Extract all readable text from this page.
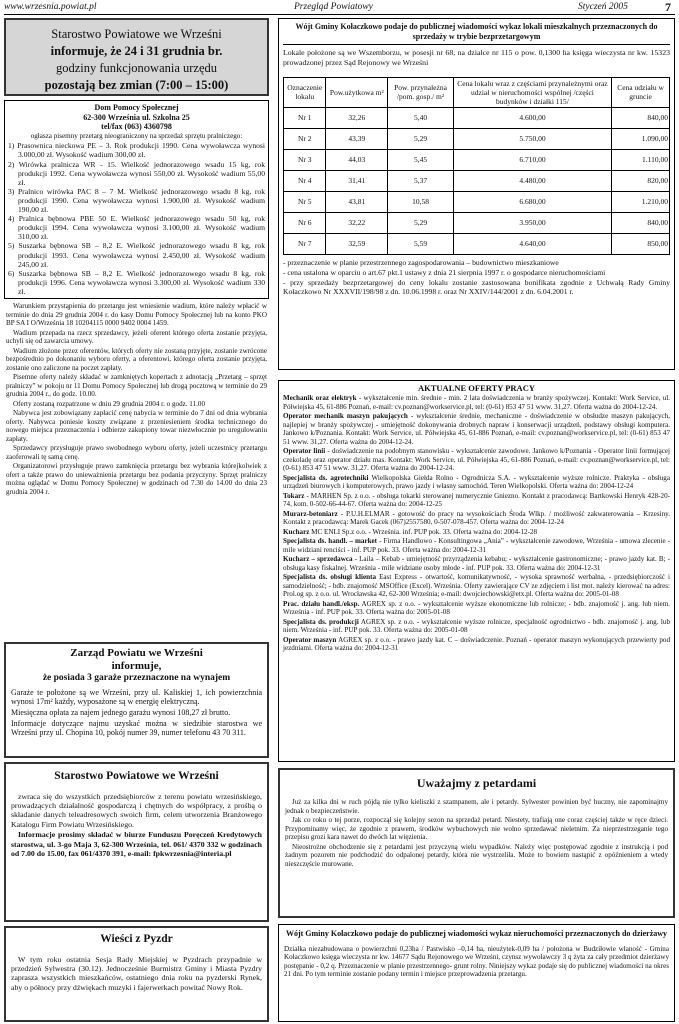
www.wrzesnia.powiat.pl	Przegląd Powiatowy	Styczeń 2005	7
Starostwo Powiatowe we Wrześni
informuje, że 24 i 31 grudnia br.
godziny funkcjonowania urzędu
pozostają bez zmian (7:00 – 15:00)
Dom Pomocy Społecznej
62-300 Września ul. Szkolna 25
tel/fax (063) 4360798

ogłasza pisemny przetarg nieograniczony na sprzedaż sprzętu pralniczego:

1) Prasownica nieckowa PE – 3. Rok produkcji 1990. Cena wywoławcza wynosi 3.000,00 zł. Wysokość wadium 300,00 zł.
2) Wirówka pralnicza WR - 15. Wielkość jednorazowego wsadu 15 kg, rok produkcji 1992. Cena wywoławcza wynosi 550,00 zł. Wysokość wadium 55,00 zł.
3) Pralnico wirówka PAC 8 – 7 M. Wielkość jednorazowego wsadu 8 kg, rok produkcji 1990. Cena wywoławcza wynosi 1.900,00 zł. Wysokość wadium 190,00 zł.
4) Pralnica bębnowa PBE 50 E. Wielkość jednorazowego wsadu 50 kg, rok produkcji 1994. Cena wywoławcza wynosi 3.100,00 zł. Wysokość wadium 310,00 zł.
5) Suszarka bębnowa SB – 8,2 E. Wielkość jednorazowego wsadu 8 kg, rok produkcji 1993. Cena wywoławcza wynosi 2.450,00 zł. Wysokość wadium 245,00 zł.
6) Suszarka bębnowa SB – 8,2 E. Wielkość jednorazowego wsadu 8 kg, rok produkcji 1996. Cena wywoławcza wynosi 3.300,00 zł. Wysokość wadium 330 zł.

Warunkiem przystąpienia do przetargu jest wniesienie wadium, które należy wpłacić w terminie do dnia 29 grudnia 2004 r. do kasy Domu Pomocy Społecznej lub na konto PKO BP SA I O/Września 18 10204115 0000 9402 0004 1459.

Wadium przepada na rzecz sprzedawcy, jeżeli oferent którego oferta zostanie przyjęta, uchyli się od zawarcia umowy.

Wadium złożone przez oferentów, których oferty nie zostaną przyjęte, zostanie zwrócone bezpośrednio po dokonaniu wyboru oferty, a oferentowi, którego oferta zostanie przyjęta, zostanie ono zaliczone na poczet zapłaty.

Pisemne oferty należy składać w zamkniętych kopertach z adnotacją „Przetarg – sprzęt pralniczy” w pokoju nr 11 Domu Pomocy Społecznej lub drogą pocztową w terminie do 29 grudnia 2004 r., do godz. 10.00.

Oferty zostaną rozpatrzone w dniu 29 grudnia 2004 r. o godz. 11.00

Nabywca jest zobowiązany zapłacić cenę nabycia w terminie do 7 dni od dnia wybrania oferty. Nabywca poniesie koszty związane z przeniesieniem środka technicznego do nowego miejsca przeznaczenia i odbierze zakupiony towar niezwłocznie po uregulowaniu zapłaty.

Sprzedawcy przysługuje prawo swobodnego wyboru oferty, jeżeli uczestnicy przetargu zaoferowali tę samą cenę.

Organizatorowi przysługuje prawo zamknięcia przetargu bez wybrania którejkolwiek z ofert a także prawo do unieważnienia przetargu bez podania przyczyny. Sprzęt pralniczy można oglądać w Domu Pomocy Społecznej w godzinach od 7.30 do 14.00 do dnia 23 grudnia 2004 r.

Zarząd Powiatu we Wrześni
informuje,
że posiada 3 garaże przeznaczone na wynajem

Garaże te położone są we Wrześni, przy ul. Kaliskiej 1, ich powierzchnia wynosi 17m² każdy, wyposażone są w energię elektryczną.

Miesięczna opłata za najem jednego garażu wynosi 108,27 zł brutto.

Informacje dotyczące najmu uzyskać można w siedzibie starostwa we Wrześni przy ul. Chopina 10, pokój numer 39, numer telefonu 43 70 311.

Starostwo Powiatowe we Wrześni

zwraca się do wszystkich przedsiębiorców z terenu powiatu wrzesińskiego, prowadzących działalność gospodarczą i chętnych do współpracy, z prośbą o składanie danych teleadresowych swoich firm, celem utworzenia Branżowego Katalogu Firm Powiatu Wrzesińskiego.

Informacje prosimy składać w biurze Funduszu Poręczeń Kredytowych starostwa, ul. 3-go Maja 3, 62-300 Września, tel. 061/ 4370 332 w godzinach od 7.00 do 15.00, fax 061/4370 391, e-mail: fpkwrzesnia@interia.pl

Wieści z Pyzdr

W tym roku ostatnia Sesja Rady Miejskiej w Pyzdrach przypadnie w przedzień Sylwestra (30.12). Jednocześnie Burmistrz Gminy i Miasta Pyzdry zaprasza wszystkich mieszkańców, ostatniego dnia roku na pyzderski Rynek, aby o północy przy dźwiękach muzyki i fajerwerkach powitać Nowy Rok.

Wójt Gminy Kołaczkowo podaje do publicznej wiadomości wykaz lokali mieszkalnych przeznaczonych do sprzedaży w trybie bezprzetargowym

Lokale położone są we Wszemborzu, w posesji nr 68, na działce nr 115 o pow. 0,1300 ha księga wieczysta nr kw. 15323 prowadzonej przez Sąd Rejonowy we Wrześni

Oznaczenie lokalu	Pow.użytkowa m²	Pow. przynależna /pom. gosp./ m²	Cena lokalu wraz z częściami przynależnymi oraz udział w nieruchomości wspólnej /części budynków i działki 115/	Cena udziału w gruncie
Nr 1	32,26	5,40	4.600,00	840,00
Nr 2	43,39	5,29	5.750,00	1.090,00
Nr 3	44,03	5,45	6.710,00	1.110,00
Nr 4	31,41	5,37	4.480,00	820,00
Nr 5	43,81	10,58	6.680,00	1.210,00
Nr 6	32,22	5,29	3.950,00	840,00
Nr 7	32,59	5,59	4.640,00	850,00

- przeznaczenie w planie przestrzennego zagospodarowania – budownictwo mieszkaniowe

- cena ustalona w oparciu o art.67 pkt.1 ustawy z dnia 21 sierpnia 1997 r. o gospodarce nieruchomościami

- przy sprzedaży bezprzetargowej do ceny lokalu zostanie zastosowana bonifikata zgodnie z Uchwałą Rady Gminy Kołaczkowo Nr XXXVII/198/98 z dn. 10.06.1998 r. oraz Nr XXIV/144/2001 z dn. 6.04.2001 r.

AKTUALNE OFERTY PRACY

Mechanik oraz elektryk - wykształcenie min. średnie - min. 2 lata doświadczenia w branży spożywczej. Kontakt: Work Service, ul. Półwiejska 45, 61-886 Poznań, e-mail: cv.poznan@workservice.pl, tel: (0-61) 853 47 51 www. 31,27. Oferta ważna do 2004-12-24.

Operator mechanik maszyn pakujących - wykształcenie średnie, mechaniczne - doświadczenie w obsłudze maszyn pakujących, najlepiej w branży spożywczej - umiejętność dokonywania drobnych napraw i konserwacji urządzeń, podstawy obsługi komputera. Jankowo k/Poznania. Kontakt: Work Service, ul. Półwiejska 45, 61-886 Poznań, e-mail: cv.poznan@workservice.pl, tel: (0-61) 853 47 51 www. 31,27. Oferta ważna do 2004-12-24.

Operator linii - doświadczenie na podobnym stanowisku - wykształcenie zawodowe. Jankowo k/Poznania - Operator linii formującej czekoladę oraz operator działu mas. Kontakt: Work Service, ul. Półwiejska 45, 61-886 Poznań, e-mail: cv.poznan@workservice.pl, tel: (0-61) 853 47 51 www. 31,27. Oferta ważna do 2004-12-24.

Specjalista ds. agrotechniki Wielkopolska Giełda Rolno - Ogrodnicza S.A. - wykształcenie wyższe rolnicze. Praktyka - obsługa urządzeń biurowych i komputerowych, prawo jazdy i własny samochód. Teren Wielkopolski. Oferta ważna do: 2004-12-24

Tokarz - MARHEN Sp. z o.o. - obsługa tokarki sterowanej numerycznie Gniezno. Kontakt z pracodawcą: Bartkowski Henryk 428-20-74, kom. 0-502-66-44-67. Oferta ważna do: 2004-12-25

Murarz-betoniarz - P.U.H.ELMAR - gotowość do pracy na wysokościach Środa Wlkp. / możliwość zakwaterowania – Krzesiny. Kontakt z pracodawcą: Marek Gacek (067)2557580, 0-507-078-457. Oferta ważna do: 2004-12-24

Kucharz MC ENLI Sp.z o.o. - Września. inf. PUP pok. 33. Oferta ważna do: 2004-12-28

Specjalista ds. handl. – market - Firma Handlowo - Konsultingowa „Ania” - wykształcenie zawodowe, Września - umowa zlecenie - mile widziani renciści - inf. PUP pok. 33. Oferta ważna do: 2004-12-31

Kucharz – sprzedawca - Laila – Kebab - umiejętność przyrządzenia kebabu; - wykształcenie gastronomiczne; - prawo jazdy kat. B; - obsługa kasy fiskalnej. Września - mile widziane osoby młode - inf. PUP pok. 33. Oferta ważna do: 2004-12-31

Specjalista ds. obsługi klienta East Express - otwartość, komunikatywność, - wysoka sprawność werbalna, - przedsiębiorczość i samodzielność; - bdb. znajomość MSOffice (Excel). Września. Oferty zawierające CV ze zdjęciem i list mot. należy kierować na adres: Prol.og sp. z o.o. ul. Wrocławska 42, 62-300 Września; e-mail: dwojciechowski@etx.pl. Oferta ważna do: 2005-01-08

Prac. działu handl./eksp. AGREX sp. z o.o. - wykształcenie wyższe ekonomiczne lub rolnicze; - bdb. znajomość j. ang. lub niem. Września - inf. PUP pok. 33. Oferta ważna do: 2005-01-08

Specjalista ds. produkcji AGREX sp. z o.o. - wykształcenie wyższe rolnicze, specjalność ogrodnictwo - bdb. znajomość j. ang. lub niem. Września - inf. PUP pok. 33. Oferta ważna do: 2005-01-08

Operator maszyn AGREX sp. z o.o. - prawo jazdy kat. C – doświadczenie. Poznań - operator maszyn wykonujących przewierty pod jezdniami. Oferta ważna do: 2004-12-31

Uważajmy z petardami

Już za kilka dni w ruch pójdą nie tylko kieliszki z szampanem, ale i petardy. Sylwester powinien być huczny, nie zapominajmy jednak o bezpieczeństwie.

Jak co roku o tej porze, rozpoczął się kolejny sezon na sprzedaż petard. Niestety, trafiają one coraz częściej także w ręce dzieci. Przypominamy więc, że zgodnie z prawem, środków wybuchowych nie wolno sprzedawać nieletnim. Za nieprzestrzeganie tego przepisu grozi kara nawet do dwóch lat więzienia.

Nieostrożne obchodzenie się z petardami jest przyczyną wielu wypadków. Należy więc postępować zgodnie z instrukcją i pod żadnym pozorem nie podchodzić do odpalonej petardy, która nie wystrzeliła. Może to bowiem nastąpić z opóźnieniem a wtedy nieszczęście murowane.

Wójt Gminy Kołaczkowo podaje do publicznej wiadomości wykaz nieruchomości przeznaczonych do dzierżawy

Działka niezabudowana o powierzchni 0,23ha / Pastwisko –0,14 ha, nieużytek-0,09 ha / położona w Budziłowie właność - Gmina Kołaczkowo księga wieczysta nr kw. 14677 Sądu Rejonowego we Wrześni, czynsz wywoławczy 3 q żyta za cały przedmiot dzierżawy postępanie - 0,2 q. Przeznaczenie w planie przestrzennego- grunt rolny. Niniejszy wykaz podaje się do publicznej wiadomości na okres 21 dni. Po tym terminie zostanie podany termin i miejsce przeprowadzenia przetargu.
